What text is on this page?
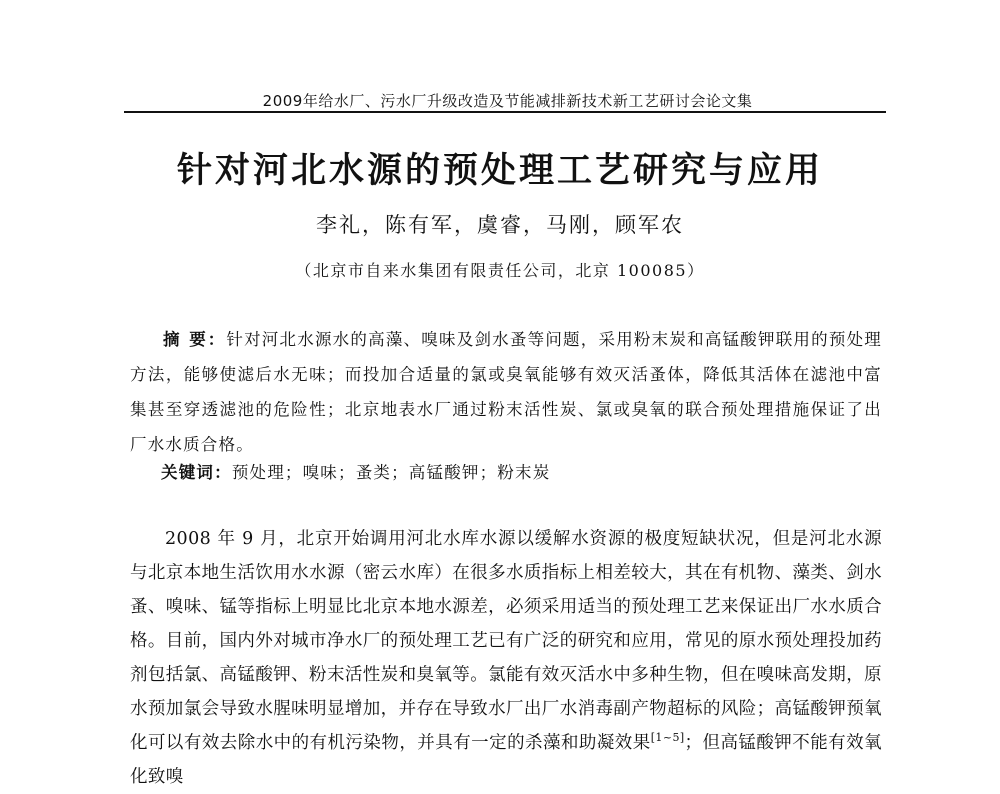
2009年给水厂、污水厂升级改造及节能减排新技术新工艺研讨会论文集
针对河北水源的预处理工艺研究与应用
李礼，陈有军，虞睿，马刚，顾军农
（北京市自来水集团有限责任公司，北京 100085）
摘 要：针对河北水源水的高藻、嗅味及剑水蚤等问题，采用粉末炭和高锰酸钾联用的预处理方法，能够使滤后水无味；而投加合适量的氯或臭氧能够有效灭活蚤体，降低其活体在滤池中富集甚至穿透滤池的危险性；北京地表水厂通过粉末活性炭、氯或臭氧的联合预处理措施保证了出厂水水质合格。
关键词：预处理；嗅味；蚤类；高锰酸钾；粉末炭
2008 年 9 月，北京开始调用河北水库水源以缓解水资源的极度短缺状况，但是河北水源与北京本地生活饮用水水源（密云水库）在很多水质指标上相差较大，其在有机物、藻类、剑水蚤、嗅味、锰等指标上明显比北京本地水源差，必须采用适当的预处理工艺来保证出厂水水质合格。目前，国内外对城市净水厂的预处理工艺已有广泛的研究和应用，常见的原水预处理投加药剂包括氯、高锰酸钾、粉末活性炭和臭氧等。氯能有效灭活水中多种生物，但在嗅味高发期，原水预加氯会导致水腥味明显增加，并存在导致水厂出厂水消毒副产物超标的风险；高锰酸钾预氧化可以有效去除水中的有机污染物，并具有一定的杀藻和助凝效果[1~5]；但高锰酸钾不能有效氧化致嗅
